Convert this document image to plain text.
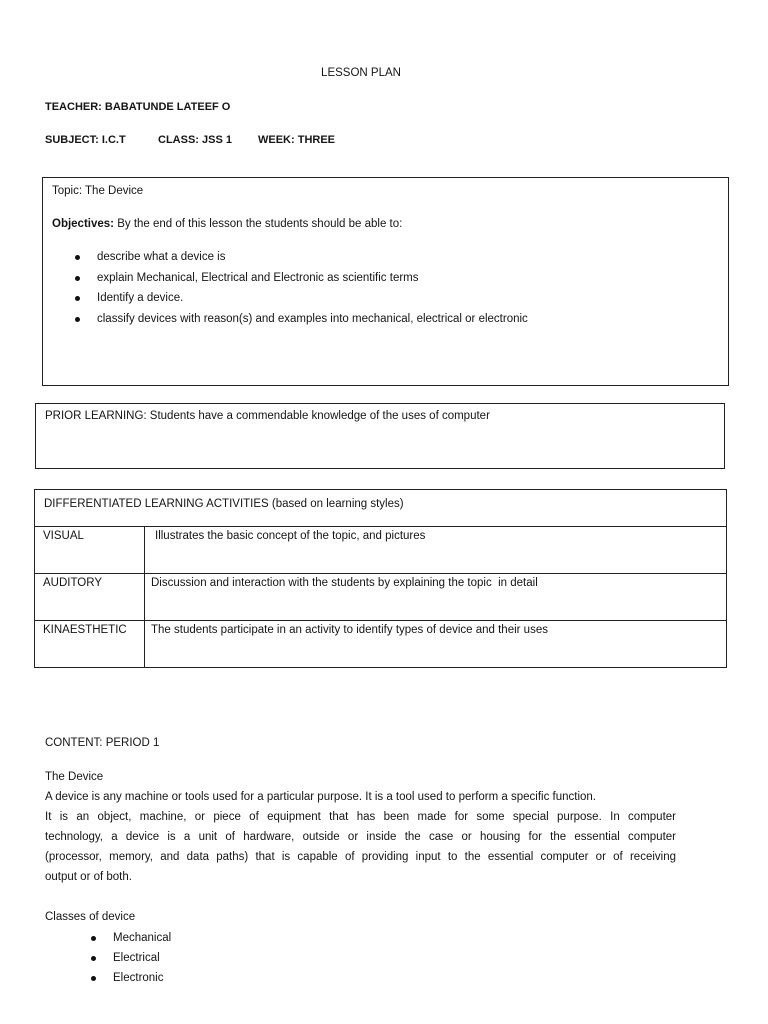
LESSON PLAN
TEACHER: BABATUNDE LATEEF O
SUBJECT: I.C.T	CLASS: JSS 1 WEEK: THREE
Topic: The Device
Objectives: By the end of this lesson the students should be able to:
describe what a device is
explain Mechanical, Electrical and Electronic as scientific terms
Identify a device.
classify devices with reason(s) and examples into mechanical, electrical or electronic
PRIOR LEARNING: Students have a commendable knowledge of the uses of computer
DIFFERENTIATED LEARNING ACTIVITIES (based on learning styles)
VISUAL	Illustrates the basic concept of the topic, and pictures
AUDITORY	Discussion and interaction with the students by explaining the topic  in detail
KINAESTHETIC	The students participate in an activity to identify types of device and their uses
CONTENT: PERIOD 1
The Device
A device is any machine or tools used for a particular purpose. It is a tool used to perform a specific function.
It is an object, machine, or piece of equipment that has been made for some special purpose. In computer
technology, a device is a unit of hardware, outside or inside the case or housing for the essential computer
(processor, memory, and data paths) that is capable of providing input to the essential computer or of receiving
output or of both.
Classes of device
Mechanical
Electrical
Electronic
